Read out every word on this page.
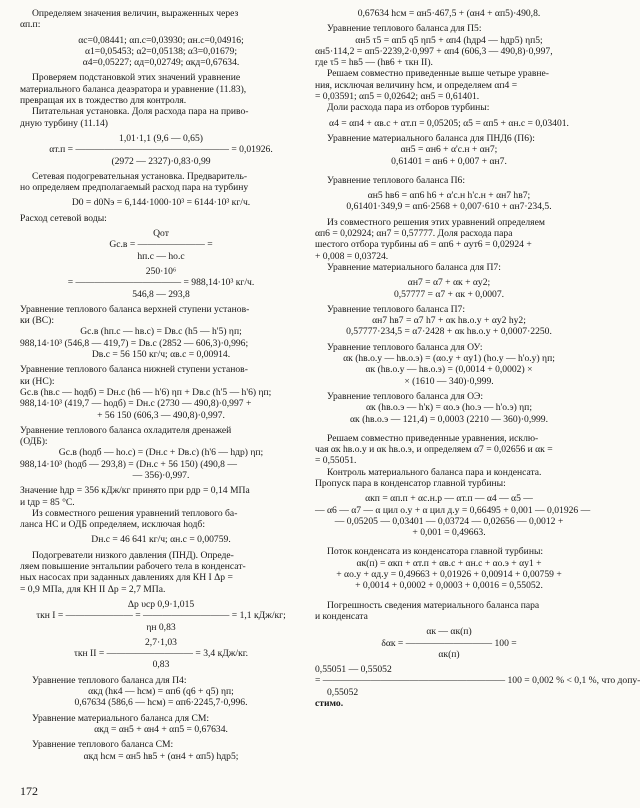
Определяем значения величин, выраженных через
αп.п:
αс=0,08441; αп.с=0,03930; αн.с=0,04916;
α1=0,05453; α2=0,05138; α3=0,01679;
α4=0,05227; αд=0,02749; αкд=0,67634.
Проверяем подстановкой этих значений уравнение
материального баланса деаэратора и уравнение (11.83),
превращая их в тождество для контроля.
Питательная установка. Доля расхода пара на приво-
дную турбину (11.14)
1,01·1,1 (9,6 — 0,65)
αт.п = ———————————————— = 0,01926.
(2972 — 2327)·0,83·0,99
Сетевая подогревательная установка. Предваритель-
но определяем предполагаемый расход пара на турбину
D0 = d0Nэ = 6,144·1000·10³ = 6144·10³ кг/ч.
Расход сетевой воды:
Qот
Gс.в = ——————— =
hп.с — hо.с
250·10⁶
= ——————————— = 988,14·10³ кг/ч.
546,8 — 293,8
Уравнение теплового баланса верхней ступени установ-
ки (ВС):
Gс.в (hп.с — hв.с) = Dв.с (h5 — h'5) ηп;
988,14·10³ (546,8 — 419,7) = Dв.с (2852 — 606,3)·0,996;
Dв.с = 56 150 кг/ч; αв.с = 0,00914.
Уравнение теплового баланса нижней ступени установ-
ки (НС):
Gс.в (hв.с — hодб) = Dн.с (h6 — h'6) ηп + Dв.с (h'5 — h'6) ηп;
988,14·10³ (419,7 — hодб) = Dн.с (2730 — 490,8)·0,997 +
+ 56 150 (606,3 — 490,8)·0,997.
Уравнение теплового баланса охладителя дренажей
(ОДБ):
Gс.в (hодб — hо.с) = (Dн.с + Dв.с) (h'6 — hдр) ηп;
988,14·10³ (hодб — 293,8) = (Dн.с + 56 150) (490,8 —
— 356)·0,997.
Значение hдр = 356 кДж/кг принято при pдр = 0,14 МПа
и tдр = 85 °С.
Из совместного решения уравнений теплового ба-
ланса НС и ОДБ определяем, исключая hодб:
Dн.с = 46 641 кг/ч; αн.с = 0,00759.
Подогреватели низкого давления (ПНД). Опреде-
ляем повышение энтальпии рабочего тела в конденсат-
ных насосах при заданных давлениях для КН I Δp =
= 0,9 МПа, для КН II Δp = 2,7 МПа.
Δp υср 0,9·1,015
τкн I = ——————— = ————————— = 1,1 кДж/кг;
ηн 0,83
2,7·1,03
τкн II = ————————— = 3,4 кДж/кг.
0,83
Уравнение теплового баланса для П4:
αкд (hк4 — hсм) = αп6 (q6 + q5) ηп;
0,67634 (586,6 — hсм) = αп6·2245,7·0,996.
Уравнение материального баланса для СМ:
αкд = αн5 + αн4 + αп5 = 0,67634.
Уравнение теплового баланса СМ:
αкд hсм = αн5 hв5 + (αн4 + αп5) hдр5;
0,67634 hсм = αн5·467,5 + (αн4 + αп5)·490,8.
Уравнение теплового баланса для П5:
αн5 τ5 = αп5 q5 ηп5 + αп4 (hдр4 — hдр5) ηп5;
αн5·114,2 = αп5·2239,2·0,997 + αп4 (606,3 — 490,8)·0,997,
где τ5 = hв5 — (hв6 + τкн II).
Решаем совместно приведенные выше четыре уравне-
ния, исключая величину hсм, и определяем αп4 =
= 0,03591; αп5 = 0,02642; αн5 = 0,61401.
Доли расхода пара из отборов турбины:
α4 = αп4 + αв.с + αт.п = 0,05205; α5 = αп5 + αн.с = 0,03401.
Уравнение материального баланса для ПНД6 (П6):
αн5 = αн6 + α'с.н + αн7;
0,61401 = αн6 + 0,007 + αн7.
Уравнение теплового баланса П6:
αн5 hв6 = αп6 h6 + α'с.н h'с.н + αн7 hв7;
0,61401·349,9 = αп6·2568 + 0,007·610 + αн7·234,5.
Из совместного решения этих уравнений определяем
αп6 = 0,02924; αн7 = 0,57777. Доля расхода пара
шестого отбора турбины α6 = αп6 + αут6 = 0,02924 +
+ 0,008 = 0,03724.
Уравнение материального баланса для П7:
αн7 = α7 + αк + αу2;
0,57777 = α7 + αк + 0,0007.
Уравнение теплового баланса П7:
αн7 hв7 = α7 h7 + αк hв.о.у + αу2 hу2;
0,57777·234,5 = α7·2428 + αк hв.о.у + 0,0007·2250.
Уравнение теплового баланса для ОУ:
αк (hв.о.у — hв.о.э) = (αо.у + αу1) (hо.у — h'о.у) ηп;
αк (hв.о.у — hв.о.э) = (0,0014 + 0,0002) ×
× (1610 — 340)·0,999.
Уравнение теплового баланса для ОЭ:
αк (hв.о.э — h'к) = αо.э (hо.э — h'о.э) ηп;
αк (hв.о.э — 121,4) = 0,0003 (2210 — 360)·0,999.
Решаем совместно приведенные уравнения, исклю-
чая αк hв.о.у и αк hв.о.э, и определяем α7 = 0,02656 и αк =
= 0,55051.
Контроль материального баланса пара и конденсата.
Пропуск пара в конденсатор главной турбины:
αкп = αп.п + αс.н.р — αт.п — α4 — α5 —
— α6 — α7 — α цил о.у + α цил д.у = 0,66495 + 0,001 — 0,01926 —
— 0,05205 — 0,03401 — 0,03724 — 0,02656 — 0,0012 +
+ 0,001 = 0,49663.
Поток конденсата из конденсатора главной турбины:
αк(п) = αкп + αт.п + αв.с + αн.с + αо.э + αу1 +
+ αо.у + αд.у = 0,49663 + 0,01926 + 0,00914 + 0,00759 +
+ 0,0014 + 0,0002 + 0,0003 + 0,0016 = 0,55052.
Погрешность сведения материального баланса пара
и конденсата
αк — αк(п)
δαк = ————————— 100 =
αк(п)
0,55051 — 0,55052
= ——————————————————— 100 = 0,002 % < 0,1 %, что допу-
0,55052
стимо.
172
